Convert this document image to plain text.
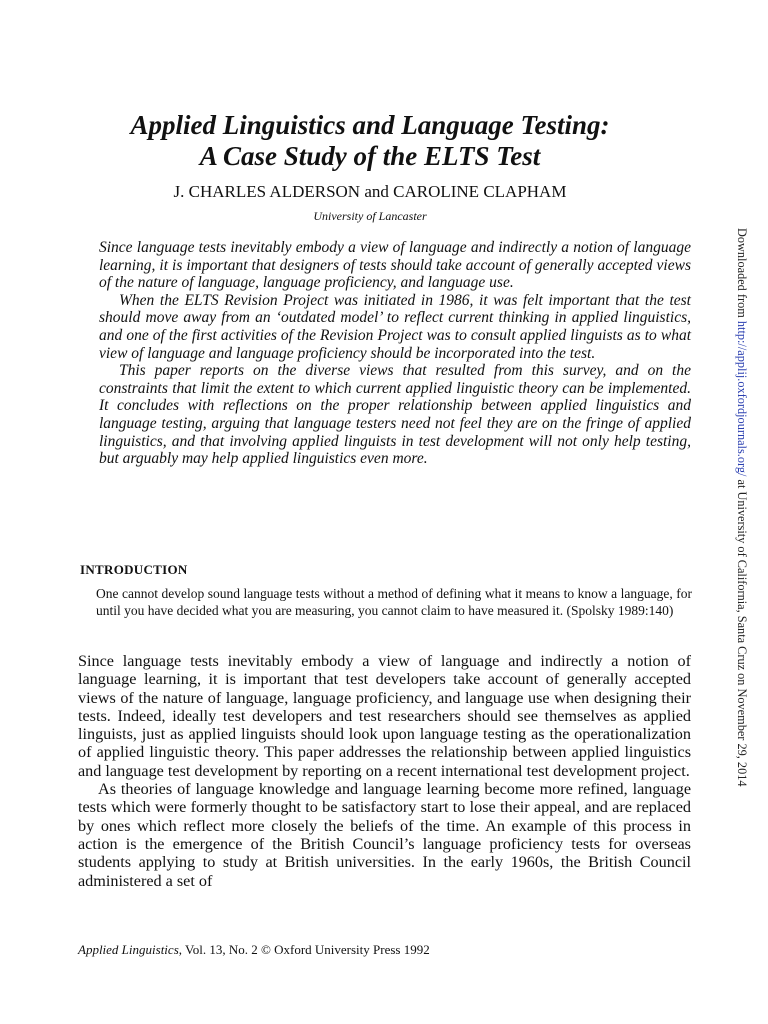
Applied Linguistics and Language Testing:
A Case Study of the ELTS Test

J. CHARLES ALDERSON and CAROLINE CLAPHAM

University of Lancaster

Since language tests inevitably embody a view of language and indirectly a notion of language learning, it is important that designers of tests should take account of generally accepted views of the nature of language, language proficiency, and language use.

When the ELTS Revision Project was initiated in 1986, it was felt important that the test should move away from an ‘outdated model’ to reflect current thinking in applied linguistics, and one of the first activities of the Revision Project was to consult applied linguists as to what view of language and language proficiency should be incorporated into the test.

This paper reports on the diverse views that resulted from this survey, and on the constraints that limit the extent to which current applied linguistic theory can be implemented. It concludes with reflections on the proper relationship between applied linguistics and language testing, arguing that language testers need not feel they are on the fringe of applied linguistics, and that involving applied linguists in test development will not only help testing, but arguably may help applied linguistics even more.

INTRODUCTION

One cannot develop sound language tests without a method of defining what it means to know a language, for until you have decided what you are measuring, you cannot claim to have measured it. (Spolsky 1989:140)

Since language tests inevitably embody a view of language and indirectly a notion of language learning, it is important that test developers take account of generally accepted views of the nature of language, language proficiency, and language use when designing their tests. Indeed, ideally test developers and test researchers should see themselves as applied linguists, just as applied linguists should look upon language testing as the operationalization of applied linguistic theory. This paper addresses the relationship between applied linguistics and language test development by reporting on a recent international test development project.

As theories of language knowledge and language learning become more refined, language tests which were formerly thought to be satisfactory start to lose their appeal, and are replaced by ones which reflect more closely the beliefs of the time. An example of this process in action is the emergence of the British Council’s language proficiency tests for overseas students applying to study at British universities. In the early 1960s, the British Council administered a set of

Applied Linguistics, Vol. 13, No. 2 © Oxford University Press 1992

Downloaded from http://applij.oxfordjournals.org/ at University of California, Santa Cruz on November 29, 2014
